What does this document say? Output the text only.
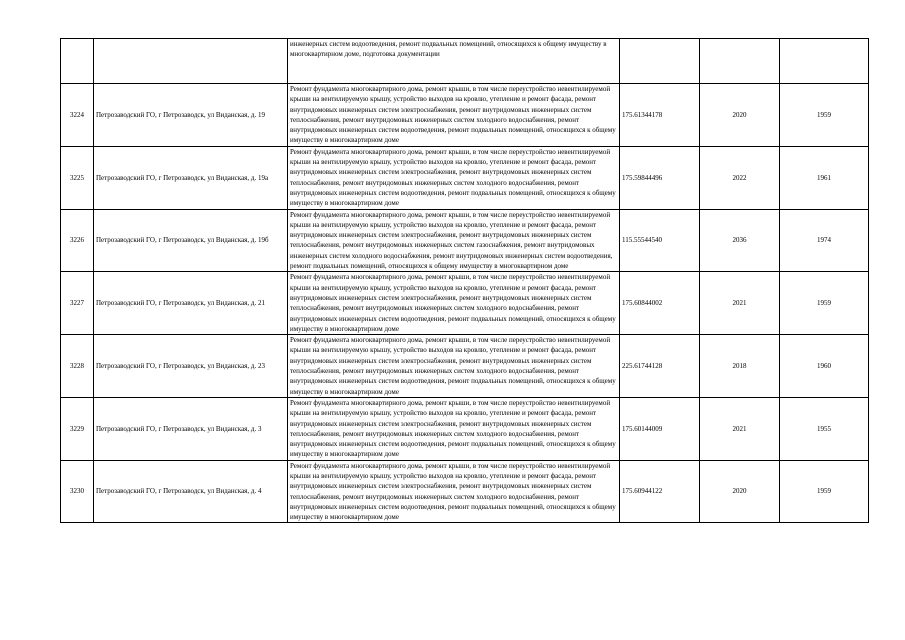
		инженерных систем водоотведения, ремонт подвальных помещений, относящихся к общему имуществу в многоквартирном доме, подготовка документации			
3224	Петрозаводский ГО, г Петрозаводск, ул Виданская, д. 19	Ремонт фундамента многоквартирного дома, ремонт крыши, в том числе переустройство невентилируемой крыши на вентилируемую крышу, устройство выходов на кровлю, утепление и ремонт фасада, ремонт внутридомовых инженерных систем электроснабжения, ремонт внутридомовых инженерных систем теплоснабжения, ремонт внутридомовых инженерных систем холодного водоснабжения, ремонт внутридомовых инженерных систем водоотведения, ремонт подвальных помещений, относящихся к общему имуществу в многоквартирном доме	175.61344178	2020	1959
3225	Петрозаводский ГО, г Петрозаводск, ул Виданская, д. 19а	Ремонт фундамента многоквартирного дома, ремонт крыши, в том числе переустройство невентилируемой крыши на вентилируемую крышу, устройство выходов на кровлю, утепление и ремонт фасада, ремонт внутридомовых инженерных систем электроснабжения, ремонт внутридомовых инженерных систем теплоснабжения, ремонт внутридомовых инженерных систем холодного водоснабжения, ремонт внутридомовых инженерных систем водоотведения, ремонт подвальных помещений, относящихся к общему имуществу в многоквартирном доме	175.59844496	2022	1961
3226	Петрозаводский ГО, г Петрозаводск, ул Виданская, д. 19б	Ремонт фундамента многоквартирного дома, ремонт крыши, в том числе переустройство невентилируемой крыши на вентилируемую крышу, устройство выходов на кровлю, утепление и ремонт фасада, ремонт внутридомовых инженерных систем электроснабжения, ремонт внутридомовых инженерных систем теплоснабжения, ремонт внутридомовых инженерных систем газоснабжения, ремонт внутридомовых инженерных систем холодного водоснабжения, ремонт внутридомовых инженерных систем водоотведения, ремонт подвальных помещений, относящихся к общему имуществу в многоквартирном доме	115.55544540	2036	1974
3227	Петрозаводский ГО, г Петрозаводск, ул Виданская, д. 21	Ремонт фундамента многоквартирного дома, ремонт крыши, в том числе переустройство невентилируемой крыши на вентилируемую крышу, устройство выходов на кровлю, утепление и ремонт фасада, ремонт внутридомовых инженерных систем электроснабжения, ремонт внутридомовых инженерных систем теплоснабжения, ремонт внутридомовых инженерных систем холодного водоснабжения, ремонт внутридомовых инженерных систем водоотведения, ремонт подвальных помещений, относящихся к общему имуществу в многоквартирном доме	175.60844002	2021	1959
3228	Петрозаводский ГО, г Петрозаводск, ул Виданская, д. 23	Ремонт фундамента многоквартирного дома, ремонт крыши, в том числе переустройство невентилируемой крыши на вентилируемую крышу, устройство выходов на кровлю, утепление и ремонт фасада, ремонт внутридомовых инженерных систем электроснабжения, ремонт внутридомовых инженерных систем теплоснабжения, ремонт внутридомовых инженерных систем холодного водоснабжения, ремонт внутридомовых инженерных систем водоотведения, ремонт подвальных помещений, относящихся к общему имуществу в многоквартирном доме	225.61744128	2018	1960
3229	Петрозаводский ГО, г Петрозаводск, ул Виданская, д. 3	Ремонт фундамента многоквартирного дома, ремонт крыши, в том числе переустройство невентилируемой крыши на вентилируемую крышу, устройство выходов на кровлю, утепление и ремонт фасада, ремонт внутридомовых инженерных систем электроснабжения, ремонт внутридомовых инженерных систем теплоснабжения, ремонт внутридомовых инженерных систем холодного водоснабжения, ремонт внутридомовых инженерных систем водоотведения, ремонт подвальных помещений, относящихся к общему имуществу в многоквартирном доме	175.60144009	2021	1955
3230	Петрозаводский ГО, г Петрозаводск, ул Виданская, д. 4	Ремонт фундамента многоквартирного дома, ремонт крыши, в том числе переустройство невентилируемой крыши на вентилируемую крышу, устройство выходов на кровлю, утепление и ремонт фасада, ремонт внутридомовых инженерных систем электроснабжения, ремонт внутридомовых инженерных систем теплоснабжения, ремонт внутридомовых инженерных систем холодного водоснабжения, ремонт внутридомовых инженерных систем водоотведения, ремонт подвальных помещений, относящихся к общему имуществу в многоквартирном доме	175.60944122	2020	1959
